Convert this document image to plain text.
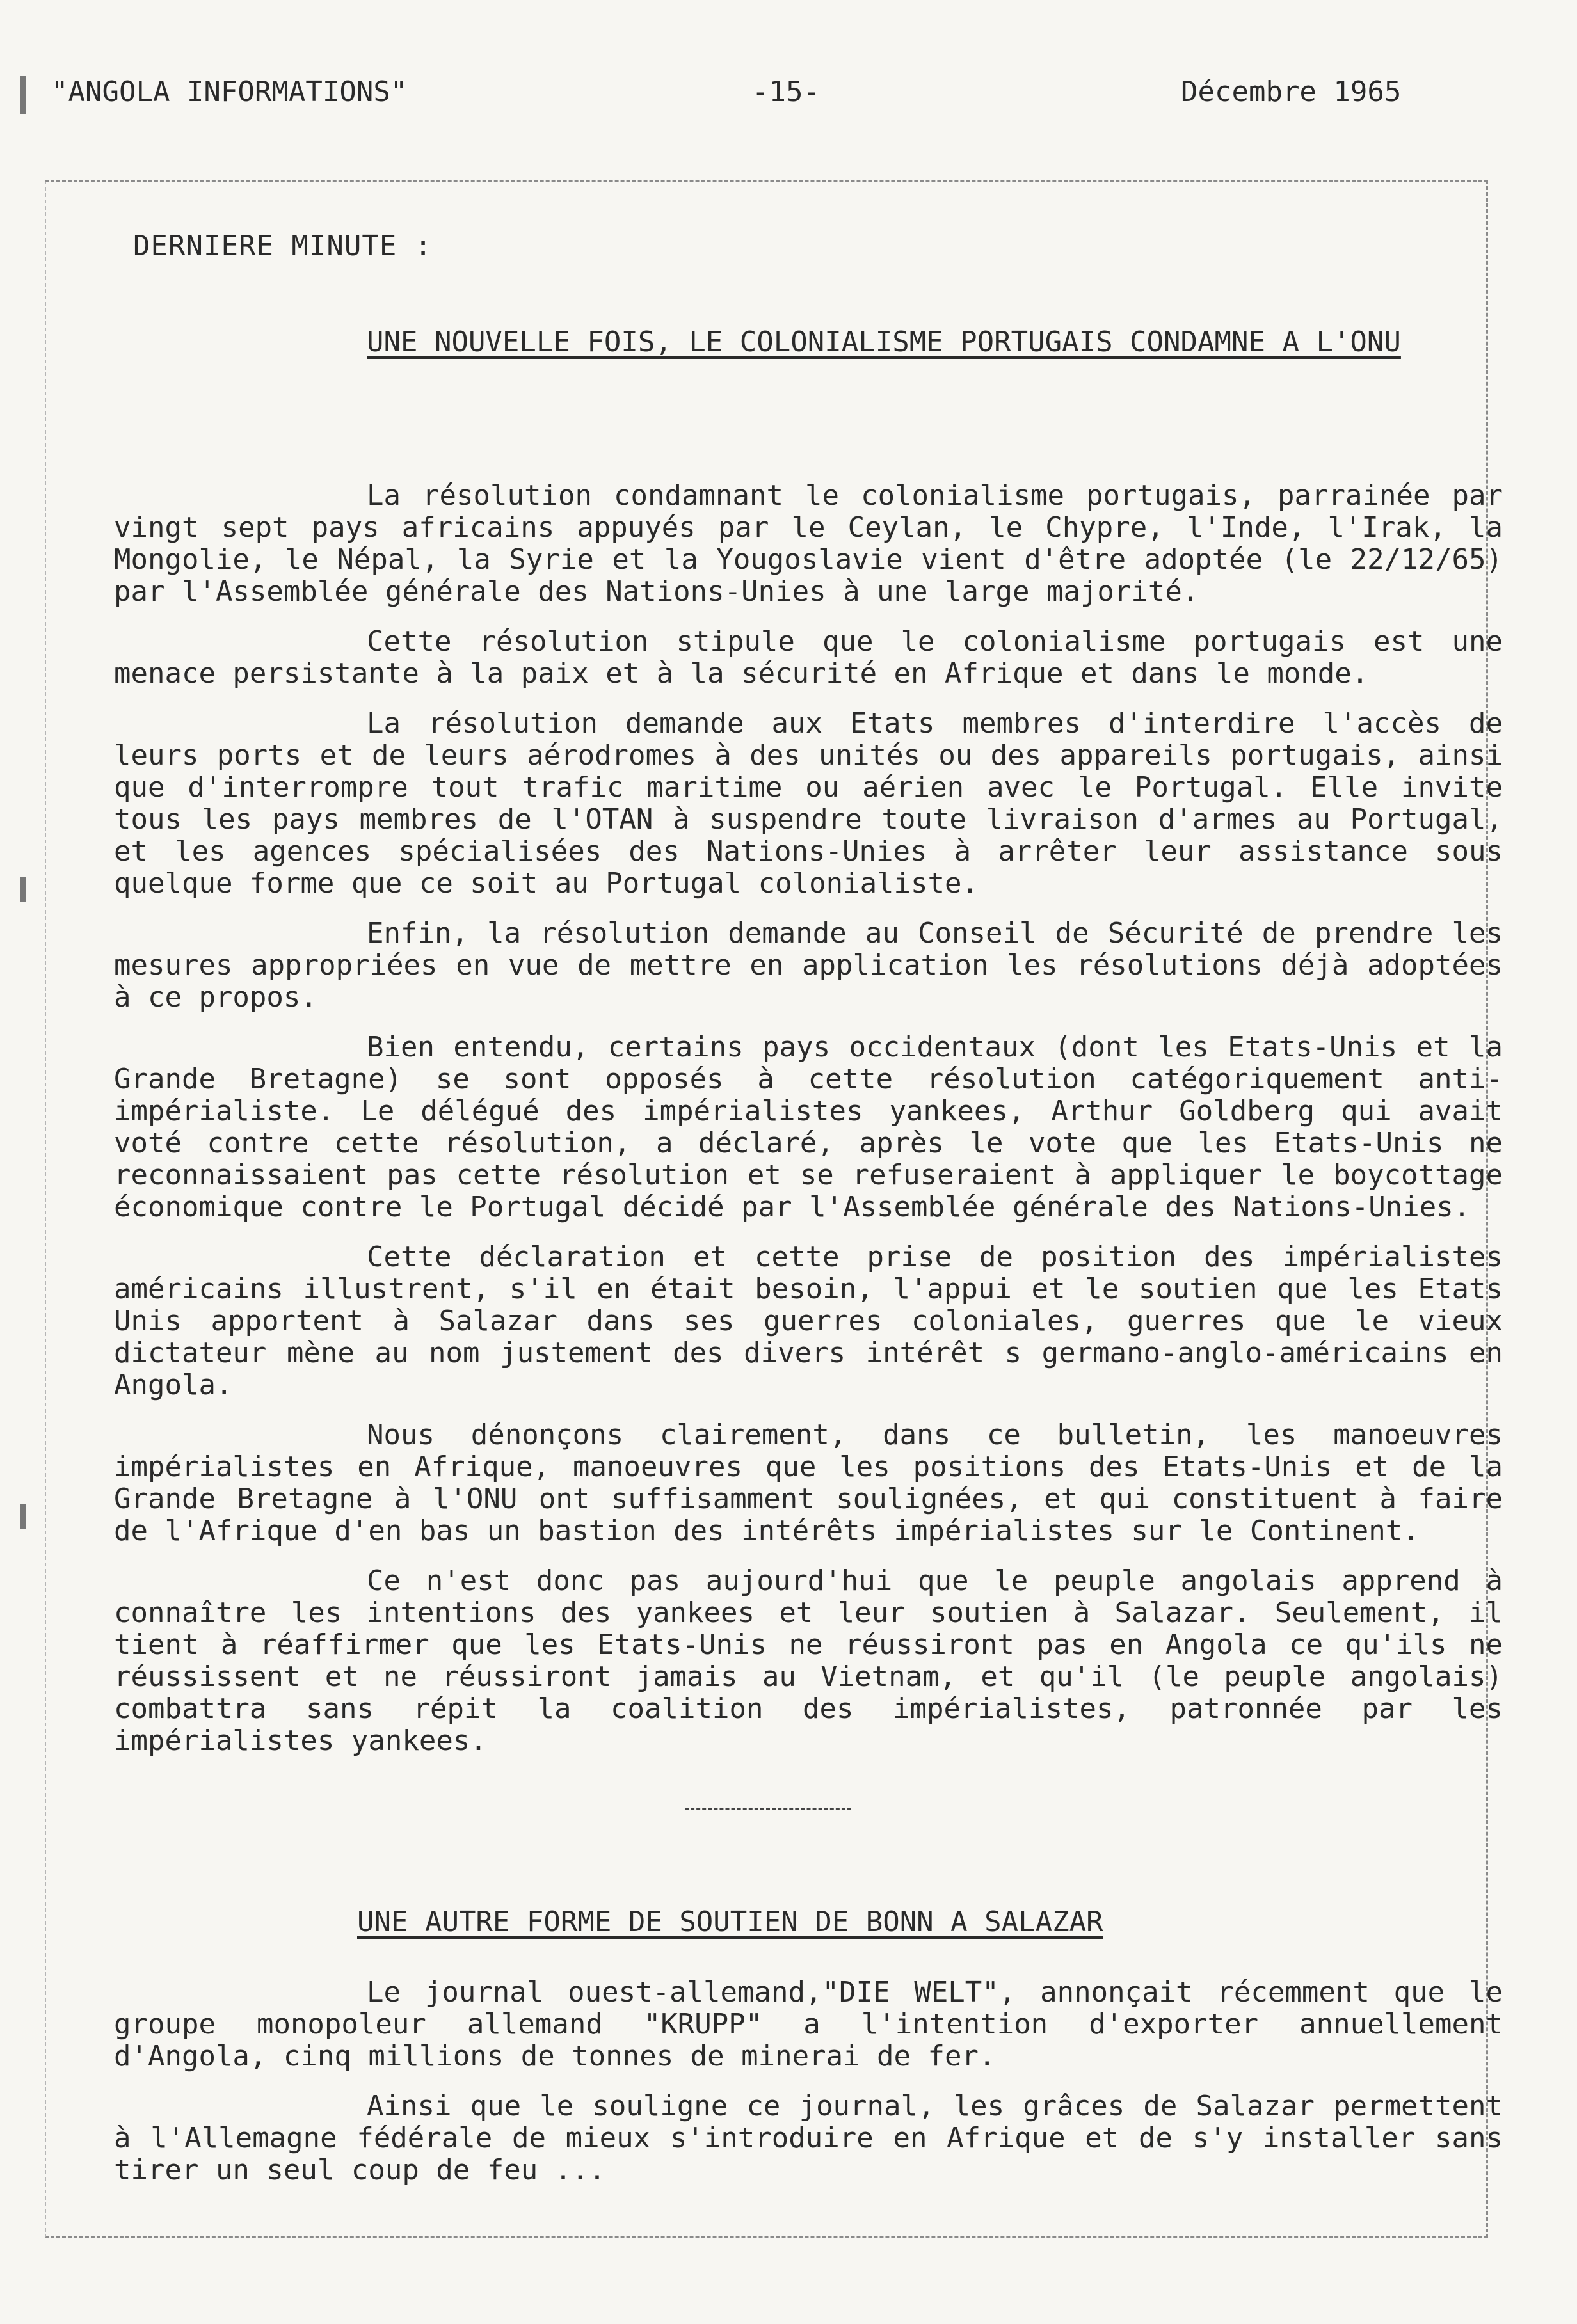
"ANGOLA INFORMATIONS"	-15-	Décembre 1965
DERNIERE MINUTE :
UNE NOUVELLE FOIS, LE COLONIALISME PORTUGAIS CONDAMNE A L'ONU

La résolution condamnant le colonialisme portugais, parrainée par vingt sept pays africains appuyés par le Ceylan, le Chypre, l'Inde, l'Irak, la Mongolie, le Népal, la Syrie et la Yougoslavie vient d'être adoptée (le 22/12/65) par l'Assemblée générale des Nations-Unies à une large majorité.

Cette résolution stipule que le colonialisme portugais est une menace persistante à la paix et à la sécurité en Afrique et dans le monde.

La résolution demande aux Etats membres d'interdire l'accès de leurs ports et de leurs aérodromes à des unités ou des appareils portugais, ainsi que d'interrompre tout trafic maritime ou aérien avec le Portugal. Elle invite tous les pays membres de l'OTAN à suspendre toute livraison d'armes au Portugal, et les agences spécialisées des Nations-Unies à arrêter leur assistance sous quelque forme que ce soit au Portugal colonialiste.

Enfin, la résolution demande au Conseil de Sécurité de prendre les mesures appropriées en vue de mettre en application les résolutions déjà adoptées à ce propos.

Bien entendu, certains pays occidentaux (dont les Etats-Unis et la Grande Bretagne) se sont opposés à cette résolution catégoriquement anti-impérialiste. Le délégué des impérialistes yankees, Arthur Goldberg qui avait voté contre cette résolution, a déclaré, après le vote que les Etats-Unis ne reconnaissaient pas cette résolution et se refuseraient à appliquer le boycottage économique contre le Portugal décidé par l'Assemblée générale des Nations-Unies.

Cette déclaration et cette prise de position des impérialistes américains illustrent, s'il en était besoin, l'appui et le soutien que les Etats Unis apportent à Salazar dans ses guerres coloniales, guerres que le vieux dictateur mène au nom justement des divers intérêt s germano-anglo-américains en Angola.

Nous dénonçons clairement, dans ce bulletin, les manoeuvres impérialistes en Afrique, manoeuvres que les positions des Etats-Unis et de la Grande Bretagne à l'ONU ont suffisamment soulignées, et qui constituent à faire de l'Afrique d'en bas un bastion des intérêts impérialistes sur le Continent.

Ce n'est donc pas aujourd'hui que le peuple angolais apprend à connaître les intentions des yankees et leur soutien à Salazar. Seulement, il tient à réaffirmer que les Etats-Unis ne réussiront pas en Angola ce qu'ils ne réussissent et ne réussiront jamais au Vietnam, et qu'il (le peuple angolais) combattra sans répit la coalition des impérialistes, patronnée par les impérialistes yankees.

UNE AUTRE FORME DE SOUTIEN DE BONN A SALAZAR

Le journal ouest-allemand,"DIE WELT", annonçait récemment que le groupe monopoleur allemand "KRUPP" a l'intention d'exporter annuellement d'Angola, cinq millions de tonnes de minerai de fer.

Ainsi que le souligne ce journal, les grâces de Salazar permettent à l'Allemagne fédérale de mieux s'introduire en Afrique et de s'y installer sans tirer un seul coup de feu ...
